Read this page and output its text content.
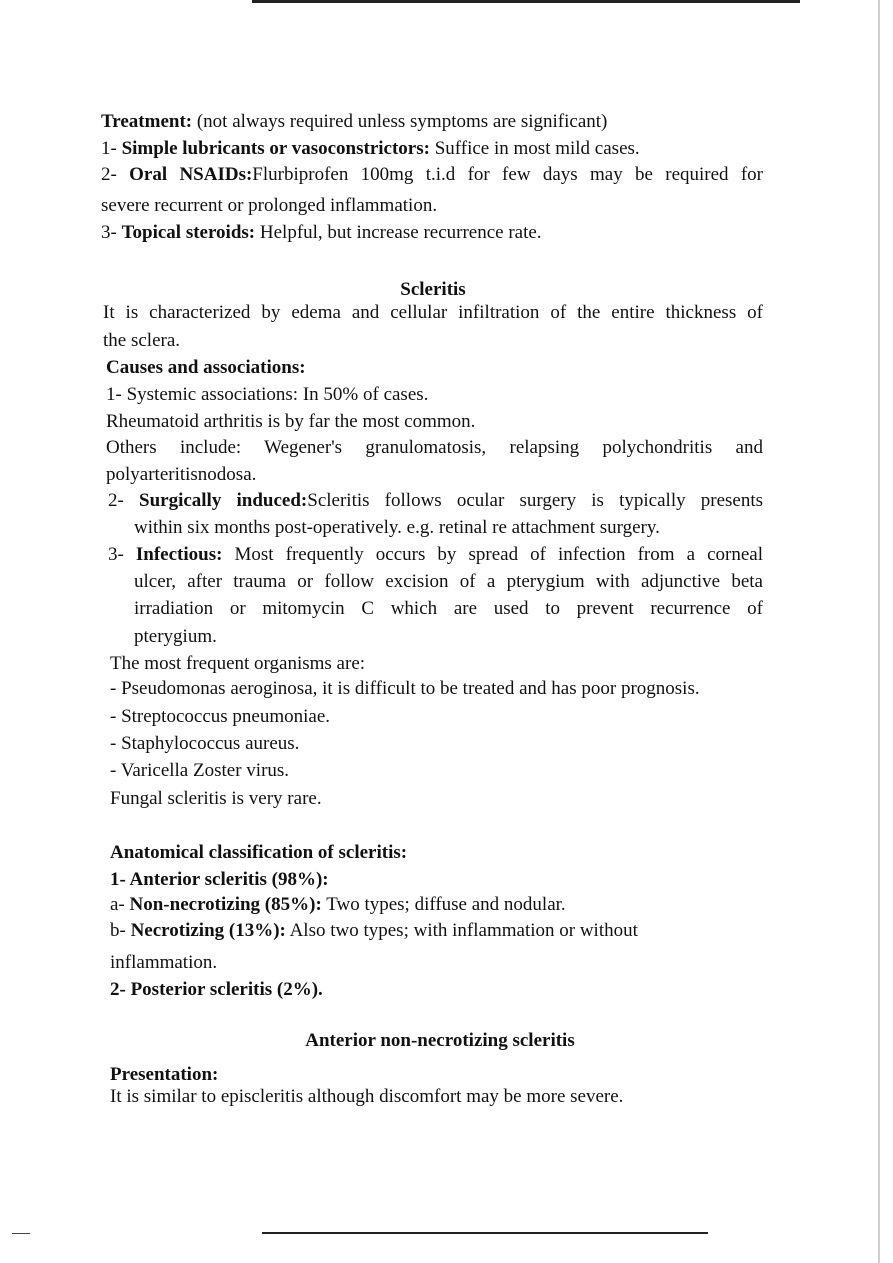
Treatment: (not always required unless symptoms are significant)
1- Simple lubricants or vasoconstrictors: Suffice in most mild cases.
2- Oral NSAIDs:Flurbiprofen 100mg t.i.d for few days may be required for
severe recurrent or prolonged inflammation.
3- Topical steroids: Helpful, but increase recurrence rate.
Scleritis
It is characterized by edema and cellular infiltration of the entire thickness of
the sclera.
Causes and associations:
1- Systemic associations: In 50% of cases.
Rheumatoid arthritis is by far the most common.
Others include: Wegener's granulomatosis, relapsing polychondritis and
polyarteritisnodosa.
2- Surgically induced:Scleritis follows ocular surgery is typically presents
within six months post-operatively. e.g. retinal re attachment surgery.
3- Infectious: Most frequently occurs by spread of infection from a corneal
ulcer, after trauma or follow excision of a pterygium with adjunctive beta
irradiation or mitomycin C which are used to prevent recurrence of
pterygium.
The most frequent organisms are:
- Pseudomonas aeroginosa, it is difficult to be treated and has poor prognosis.
- Streptococcus pneumoniae.
- Staphylococcus aureus.
- Varicella Zoster virus.
Fungal scleritis is very rare.
Anatomical classification of scleritis:
1- Anterior scleritis (98%):
a- Non-necrotizing (85%): Two types; diffuse and nodular.
b- Necrotizing (13%): Also two types; with inflammation or without
inflammation.
2- Posterior scleritis (2%).
Anterior non-necrotizing scleritis
Presentation:
It is similar to episcleritis although discomfort may be more severe.
